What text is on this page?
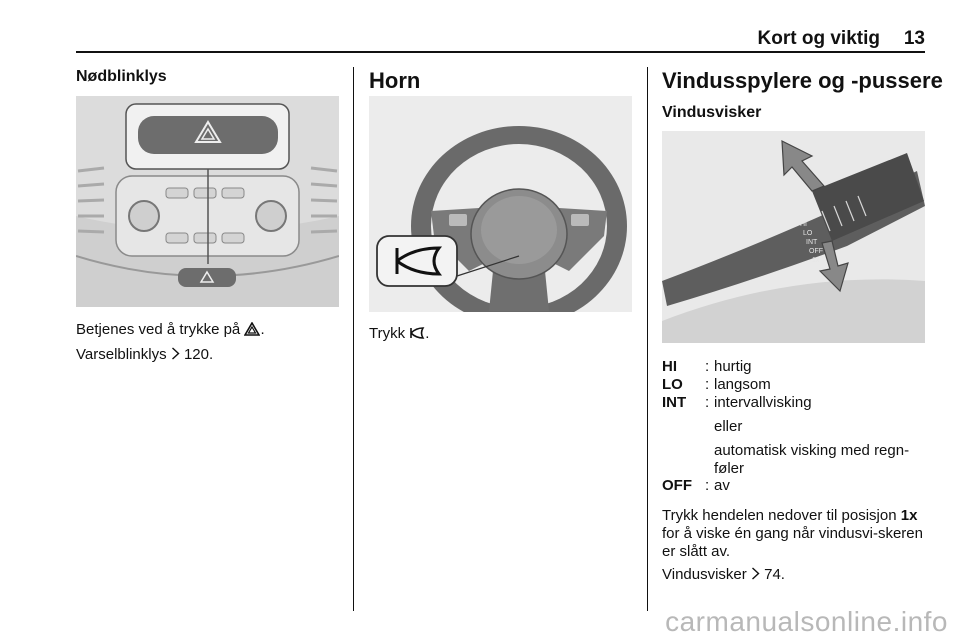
Kort og viktig 13
Nødblinklys
Betjenes ved å trykke på .
Varselblinklys 120.
Horn
Trykk .
Vindusspylere og -pussere
Vindusvisker
HI
LO
INT
OFF
1x
HI : hurtig
LO : langsom
INT : intervallvisking
eller
automatisk visking med regn-føler
OFF : av
Trykk hendelen nedover til posisjon 1x for å viske én gang når vindusvi-skeren er slått av.
Vindusvisker 74.
carmanualsonline.info
